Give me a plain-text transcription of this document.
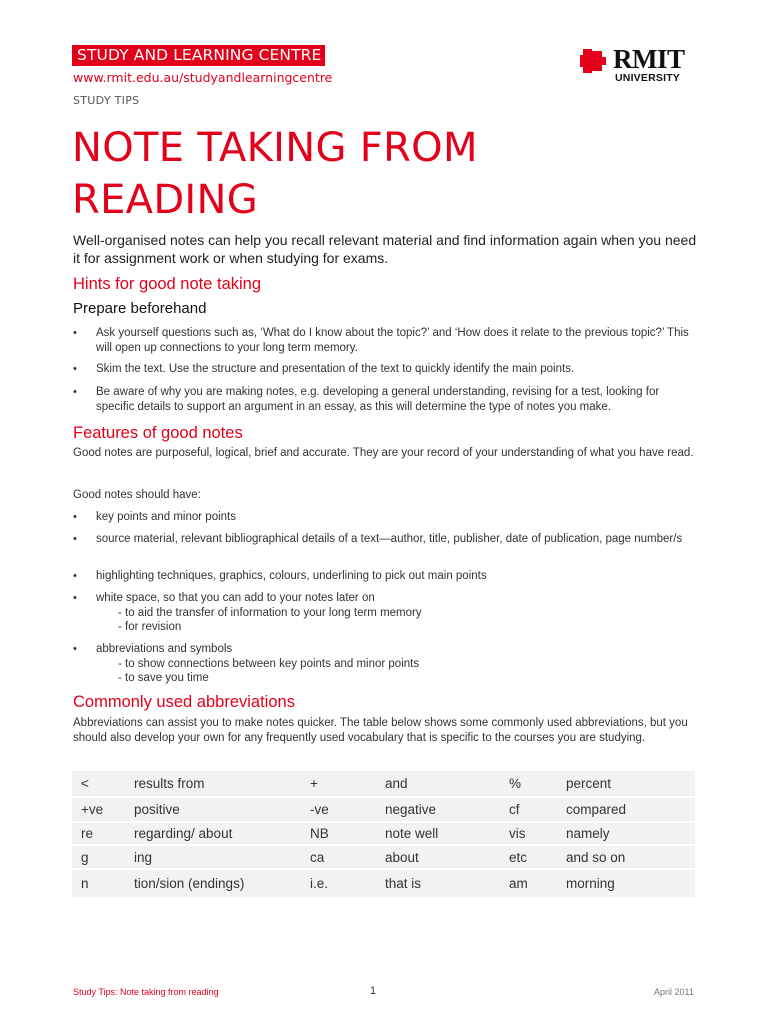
STUDY AND LEARNING CENTRE
www.rmit.edu.au/studyandlearningcentre
STUDY TIPS
RMIT
UNIVERSITY
NOTE TAKING FROM
READING
Well-organised notes can help you recall relevant material and find information again when you need it for assignment work or when studying for exams.
Hints for good note taking
Prepare beforehand
• Ask yourself questions such as, ‘What do I know about the topic?’ and ‘How does it relate to the previous topic?’ This will open up connections to your long term memory.
• Skim the text. Use the structure and presentation of the text to quickly identify the main points.
• Be aware of why you are making notes, e.g. developing a general understanding, revising for a test, looking for specific details to support an argument in an essay, as this will determine the type of notes you make.
Features of good notes
Good notes are purposeful, logical, brief and accurate. They are your record of your understanding of what you have read.
Good notes should have:
• key points and minor points
• source material, relevant bibliographical details of a text—author, title, publisher, date of publication, page number/s
• highlighting techniques, graphics, colours, underlining to pick out main points
• white space, so that you can add to your notes later on
- to aid the transfer of information to your long term memory
- for revision
• abbreviations and symbols
- to show connections between key points and minor points
- to save you time
Commonly used abbreviations
Abbreviations can assist you to make notes quicker. The table below shows some commonly used abbreviations, but you should also develop your own for any frequently used vocabulary that is specific to the courses you are studying.
<	results from	+	and	%	percent
+ve	positive	-ve	negative	cf	compared
re	regarding/ about	NB	note well	vis	namely
g	ing	ca	about	etc	and so on
n	tion/sion (endings)	i.e.	that is	am	morning
Study Tips: Note taking from reading	1	April 2011
